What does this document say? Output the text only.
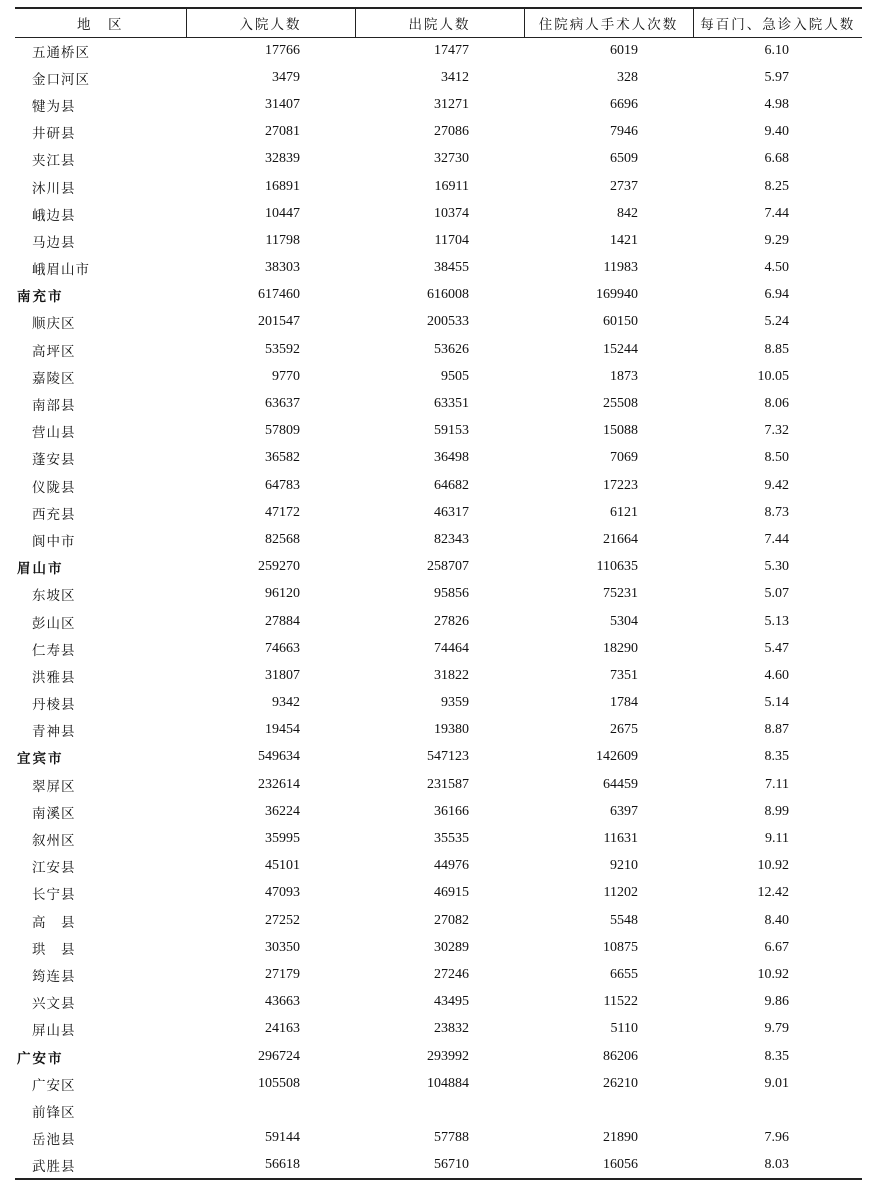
地　区	入院人数	出院人数	住院病人手术人次数	每百门、急诊入院人数
五通桥区	17766	17477	6019	6.10
金口河区	3479	3412	328	5.97
犍为县	31407	31271	6696	4.98
井研县	27081	27086	7946	9.40
夹江县	32839	32730	6509	6.68
沐川县	16891	16911	2737	8.25
峨边县	10447	10374	842	7.44
马边县	11798	11704	1421	9.29
峨眉山市	38303	38455	11983	4.50
南充市	617460	616008	169940	6.94
顺庆区	201547	200533	60150	5.24
高坪区	53592	53626	15244	8.85
嘉陵区	9770	9505	1873	10.05
南部县	63637	63351	25508	8.06
营山县	57809	59153	15088	7.32
蓬安县	36582	36498	7069	8.50
仪陇县	64783	64682	17223	9.42
西充县	47172	46317	6121	8.73
阆中市	82568	82343	21664	7.44
眉山市	259270	258707	110635	5.30
东坡区	96120	95856	75231	5.07
彭山区	27884	27826	5304	5.13
仁寿县	74663	74464	18290	5.47
洪雅县	31807	31822	7351	4.60
丹棱县	9342	9359	1784	5.14
青神县	19454	19380	2675	8.87
宜宾市	549634	547123	142609	8.35
翠屏区	232614	231587	64459	7.11
南溪区	36224	36166	6397	8.99
叙州区	35995	35535	11631	9.11
江安县	45101	44976	9210	10.92
长宁县	47093	46915	11202	12.42
高　县	27252	27082	5548	8.40
珙　县	30350	30289	10875	6.67
筠连县	27179	27246	6655	10.92
兴文县	43663	43495	11522	9.86
屏山县	24163	23832	5110	9.79
广安市	296724	293992	86206	8.35
广安区	105508	104884	26210	9.01
前锋区				
岳池县	59144	57788	21890	7.96
武胜县	56618	56710	16056	8.03
